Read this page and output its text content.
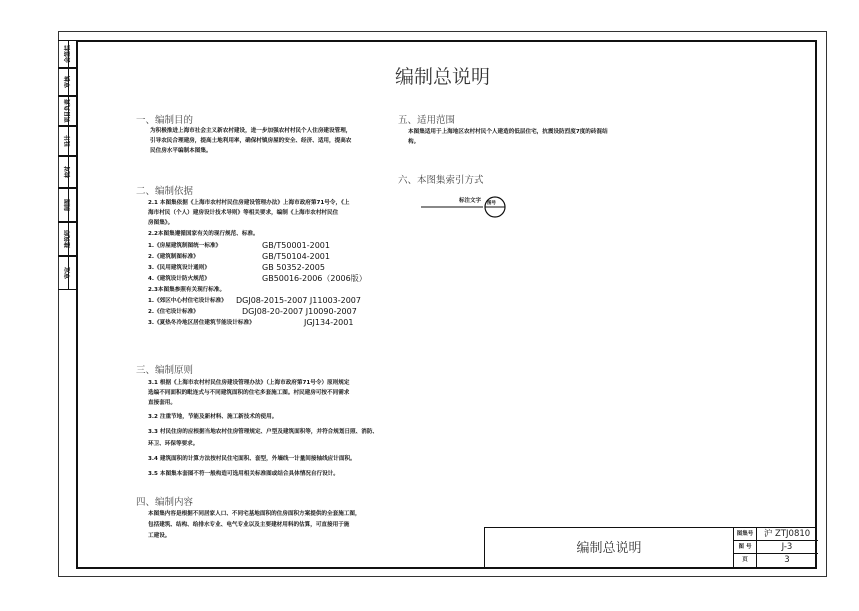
会签栏
审核
项目负责
设计
校对
制图
建筑师
审定
编制总说明
一、编制目的
为积极推进上海市社会主义新农村建设，进一步加强农村村民个人住房建设管理，
引导农民合理建房，提高土地利用率，确保村镇房屋的安全、经济、适用，提高农
民住房水平编制本图集。
二、编制依据
2.1 本图集依据《上海市农村村民住房建设管理办法》上海市政府第71号令，《上
海市村民（个人）建房设计技术导则》等相关要求，编制《上海市农村村民住
房图集》。
2.2本图集遵循国家有关的现行规范、标准。
1.《房屋建筑制图统一标准》	GB/T50001-2001
2.《建筑制图标准》	GB/T50104-2001
3.《民用建筑设计通则》	GB 50352-2005
4.《建筑设计防火规范》	GB50016-2006（2006版）
2.3本图集参照有关现行标准。
1.《郊区中心村住宅设计标准》 DGJ08-2015-2007 J11003-2007
2.《住宅设计标准》	DGJ08-20-2007 J10090-2007
3.《夏热冬冷地区居住建筑节能设计标准》	JGJ134-2001
三、编制原则
3.1 根据《上海市农村村民住房建设管理办法》（上海市政府第71号令）原则规定
选编不同面积的毗连式与不同建筑面积的住宅多套施工图。村民建房可按不同需求
直接套用。
3.2 注重节地，节能及新材料、施工新技术的使用。
3.3 村民住房的应根据当地农村住房管理规定、户型及建筑面积等，并符合规划日照、消防、
环卫、环保等要求。
3.4 建筑面积的计算方法按村民住宅面积、套型，外墙线一计量间接轴线应计面积。
3.5 本图集本套图不符一般构造可选用相关标准图或结合具体情况自行设计。
四、编制内容
本图集内容是根据不同居家人口、不同宅基地面积的住房面积方案提供的全套施工图，
包括建筑、结构、给排水专业、电气专业以及主要建材用料的估算，可直接用于施
工建设。
五、适用范围
本图集适用于上海地区农村村民个人建造的低层住宅，抗震设防烈度7度的砖混结
构。
六、本图集索引方式
标注文字 图号
编制总说明
图集号	沪 ZTJ0810
图 号	J-3
页	3
